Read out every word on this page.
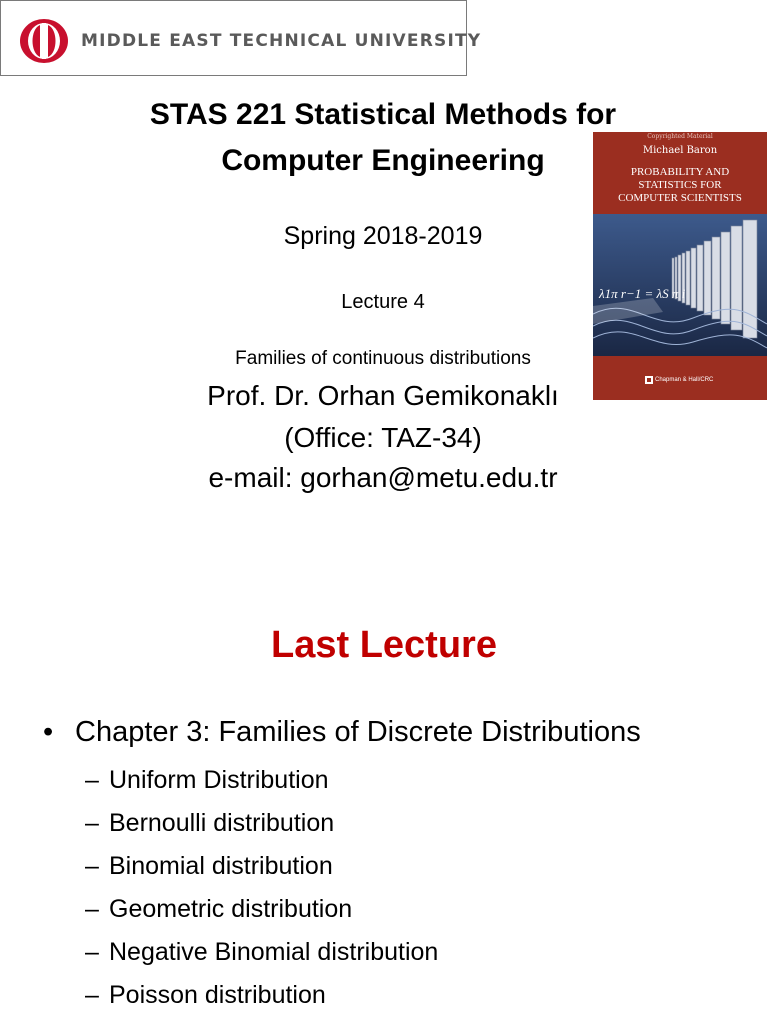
MIDDLE EAST TECHNICAL UNIVERSITY
STAS 221 Statistical Methods for
Computer Engineering
Spring 2018-2019
Lecture 4
Families of continuous distributions
Prof. Dr. Orhan Gemikonaklı
(Office: TAZ-34)
e-mail: gorhan@metu.edu.tr
Copyrighted Material
Michael Baron
PROBABILITY AND
STATISTICS FOR
COMPUTER SCIENTISTS
λ1π r−1 = λS π i
Chapman & Hall/CRC
Last Lecture
• Chapter 3: Families of Discrete Distributions
– Uniform Distribution
– Bernoulli distribution
– Binomial distribution
– Geometric distribution
– Negative Binomial distribution
– Poisson distribution
